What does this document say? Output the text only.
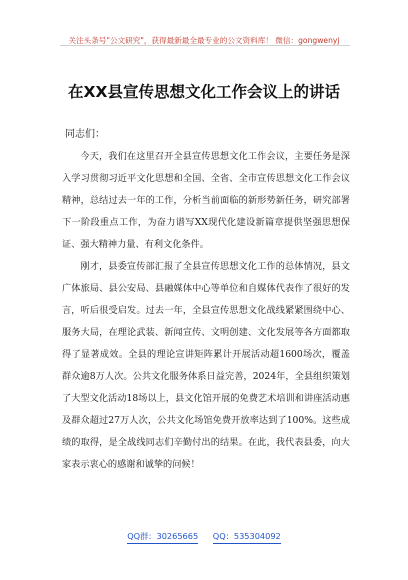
关注头条号"公文研究"，获得最新最全最专业的公文资料库！ 微信：gongwenyj
在XX县宣传思想文化工作会议上的讲话

同志们：

今天，我们在这里召开全县宣传思想文化工作会议，主要任务是深入学习贯彻习近平文化思想和全国、全省、全市宣传思想文化工作会议精神，总结过去一年的工作，分析当前面临的新形势新任务，研究部署下一阶段重点工作，为奋力谱写XX现代化建设新篇章提供坚强思想保证、强大精神力量、有利文化条件。

刚才，县委宣传部汇报了全县宣传思想文化工作的总体情况，县文广体旅局、县公安局、县融媒体中心等单位和自媒体代表作了很好的发言，听后很受启发。过去一年，全县宣传思想文化战线紧紧围绕中心、服务大局，在理论武装、新闻宣传、文明创建、文化发展等各方面都取得了显著成效。全县的理论宣讲矩阵累计开展活动超1600场次，覆盖群众逾8万人次。公共文化服务体系日益完善，2024年，全县组织策划了大型文化活动18场以上，县文化馆开展的免费艺术培训和讲座活动惠及群众超过27万人次，公共文化场馆免费开放率达到了100%。这些成绩的取得，是全战线同志们辛勤付出的结果。在此，我代表县委，向大家表示衷心的感谢和诚挚的问候！

QQ群：30265665 QQ：535304092
